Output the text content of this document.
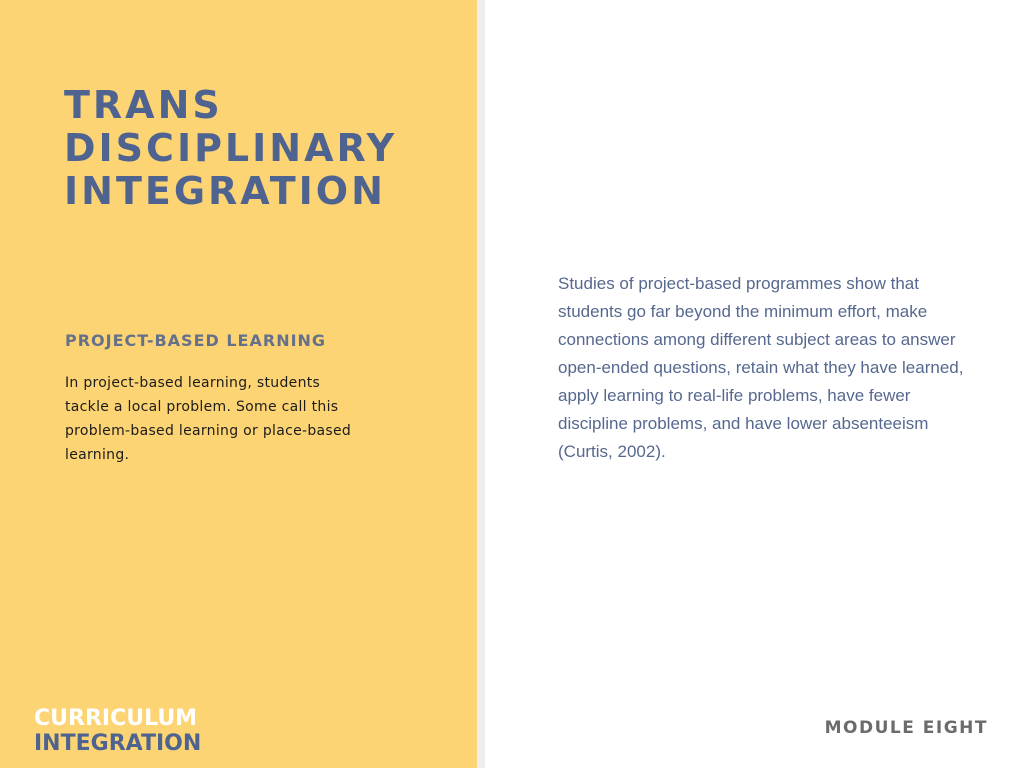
TRANS
DISCIPLINARY
INTEGRATION
PROJECT-BASED LEARNING

In project-based learning, students tackle a local problem. Some call this problem-based learning or place-based learning.

CURRICULUM
INTEGRATION

Studies of project-based programmes show that students go far beyond the minimum effort, make connections among different subject areas to answer open-ended questions, retain what they have learned, apply learning to real-life problems, have fewer discipline problems, and have lower absenteeism (Curtis, 2002).

MODULE EIGHT
